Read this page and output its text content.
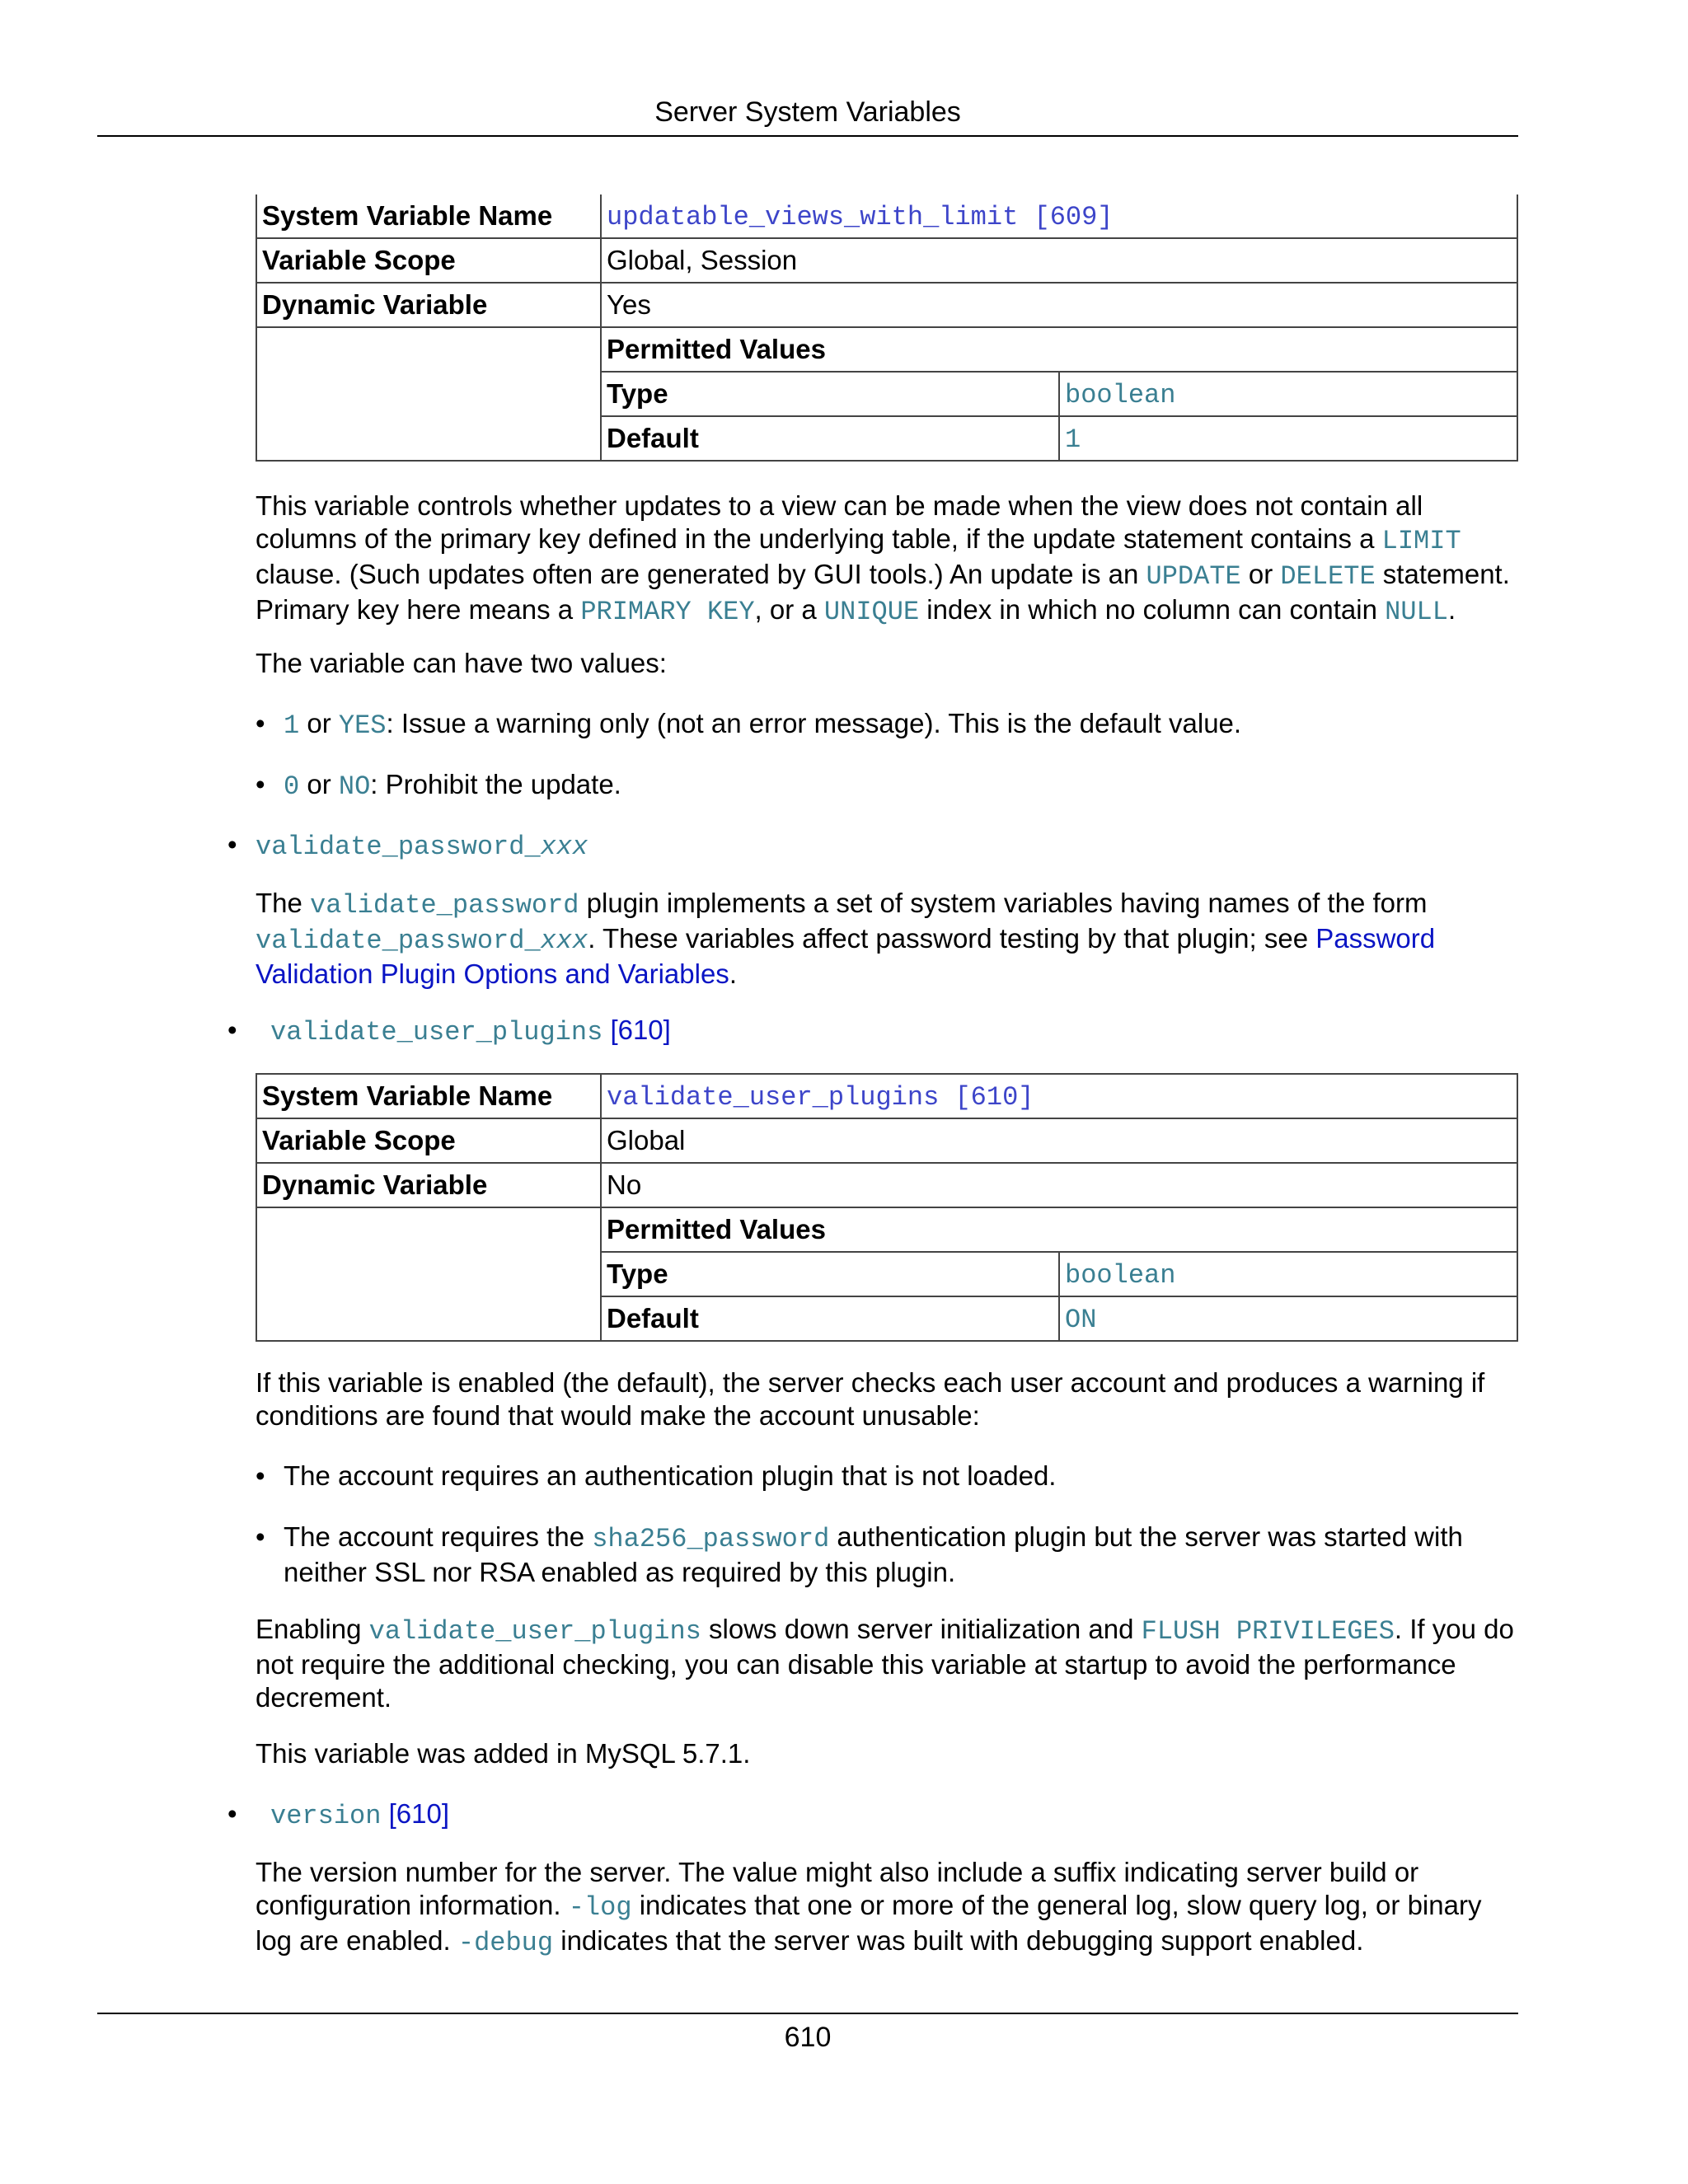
Server System Variables
System Variable Name	updatable_views_with_limit [609]	
Variable Scope	Global, Session	
Dynamic Variable	Yes	
	Permitted Values	
	Type	boolean
	Default	1
This variable controls whether updates to a view can be made when the view does not contain all columns of the primary key defined in the underlying table, if the update statement contains a LIMIT clause. (Such updates often are generated by GUI tools.) An update is an UPDATE or DELETE statement. Primary key here means a PRIMARY KEY, or a UNIQUE index in which no column can contain NULL.
The variable can have two values:
• 1 or YES: Issue a warning only (not an error message). This is the default value.
• 0 or NO: Prohibit the update.
• validate_password_xxx
The validate_password plugin implements a set of system variables having names of the form validate_password_xxx. These variables affect password testing by that plugin; see Password Validation Plugin Options and Variables.
• validate_user_plugins [610]
System Variable Name	validate_user_plugins [610]	
Variable Scope	Global	
Dynamic Variable	No	
	Permitted Values	
	Type	boolean
	Default	ON
If this variable is enabled (the default), the server checks each user account and produces a warning if conditions are found that would make the account unusable:
• The account requires an authentication plugin that is not loaded.
• The account requires the sha256_password authentication plugin but the server was started with neither SSL nor RSA enabled as required by this plugin.
Enabling validate_user_plugins slows down server initialization and FLUSH PRIVILEGES. If you do not require the additional checking, you can disable this variable at startup to avoid the performance decrement.
This variable was added in MySQL 5.7.1.
• version [610]
The version number for the server. The value might also include a suffix indicating server build or configuration information. -log indicates that one or more of the general log, slow query log, or binary log are enabled. -debug indicates that the server was built with debugging support enabled.
610
